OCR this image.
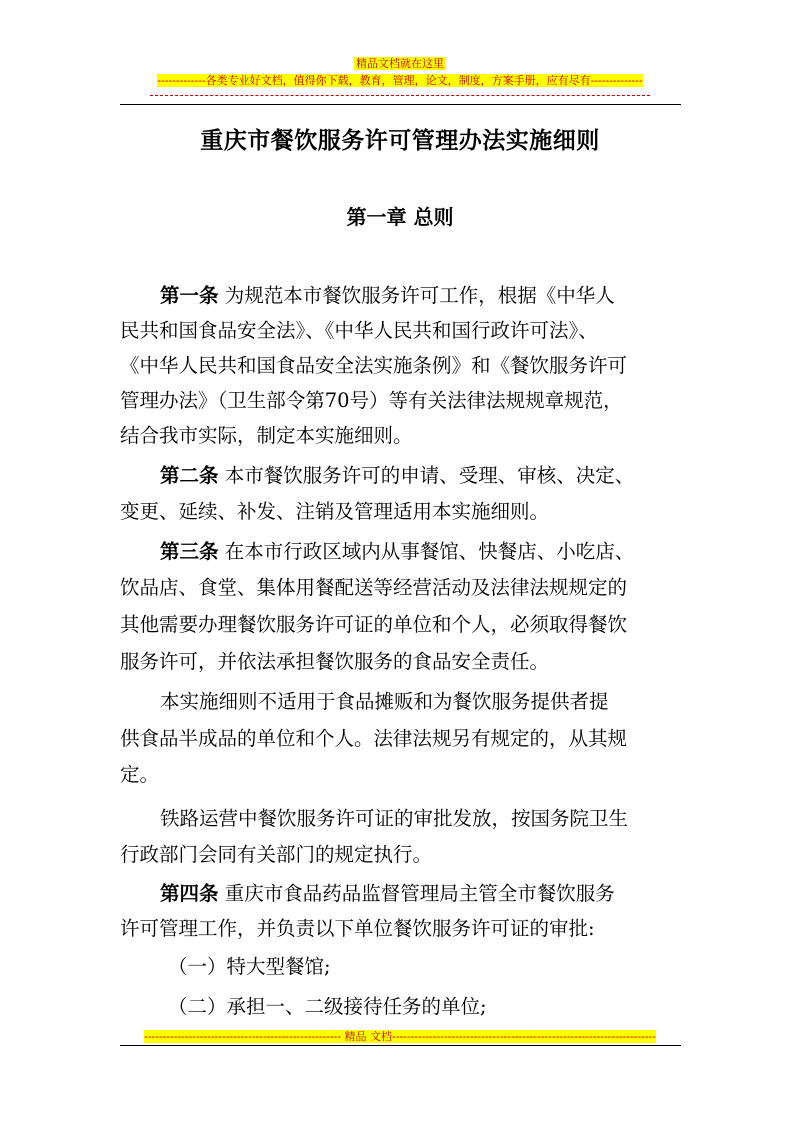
精品文档就在这里
-------------各类专业好文档，值得你下载，教育，管理，论文，制度，方案手册，应有尽有--------------
重庆市餐饮服务许可管理办法实施细则
第一章 总则
第一条 为规范本市餐饮服务许可工作，根据《中华人
民共和国食品安全法》、《中华人民共和国行政许可法》、
《中华人民共和国食品安全法实施条例》和《餐饮服务许可
管理办法》（卫生部令第70号）等有关法律法规规章规范，
结合我市实际，制定本实施细则。
第二条 本市餐饮服务许可的申请、受理、审核、决定、
变更、延续、补发、注销及管理适用本实施细则。
第三条 在本市行政区域内从事餐馆、快餐店、小吃店、
饮品店、食堂、集体用餐配送等经营活动及法律法规规定的
其他需要办理餐饮服务许可证的单位和个人，必须取得餐饮
服务许可，并依法承担餐饮服务的食品安全责任。
本实施细则不适用于食品摊贩和为餐饮服务提供者提
供食品半成品的单位和个人。法律法规另有规定的，从其规
定。
铁路运营中餐饮服务许可证的审批发放，按国务院卫生
行政部门会同有关部门的规定执行。
第四条 重庆市食品药品监督管理局主管全市餐饮服务
许可管理工作，并负责以下单位餐饮服务许可证的审批:
（一）特大型餐馆;
（二）承担一、二级接待任务的单位;
----------------------------------------------------- 精品 文档-----------------------------------------------------------------------
